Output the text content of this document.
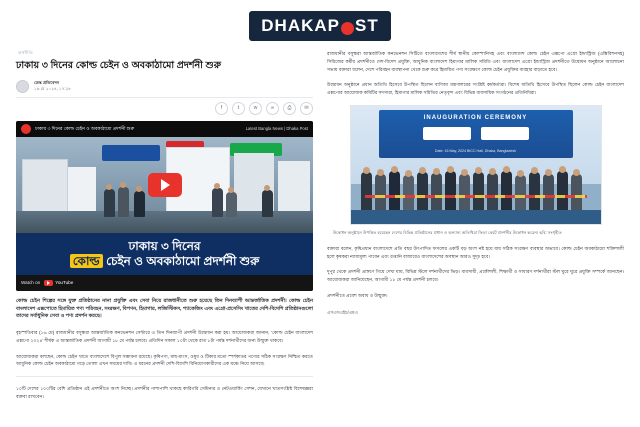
DHAKA P ST
অর্থনীতি
ঢাকায় ৩ দিনের কোল্ড চেইন ও অবকাঠামো প্রদর্শনী শুরু
ডেস্ক প্রতিবেদন
১৬ মে ২০২৪, ১৭:২৮
f	t	w	∞	⎙	✉
ঢাকায় ৩ দিনের কোল্ড চেইন ও অবকাঠামো প্রদর্শনী শুরু	Latest Bangla News | Dhaka Post
ঢাকায় ৩ দিনের
কোল্ড চেইন ও অবকাঠামো প্রদর্শনী শুরু
Watch on	YouTube
কোল্ড চেইন শিল্পের সঙ্গে যুক্ত প্রতিষ্ঠানের নানা প্রযুক্তি এবং সেবা নিয়ে রাজধানীতে শুরু হয়েছে তিন দিনব্যাপী আন্তর্জাতিক প্রদর্শনী। কোল্ড চেইন বাংলাদেশ এক্সপোতে হিমায়িত পণ্য পরিবহন, সংরক্ষণ, বিপণন, হিমাগার, লজিস্টিকস, প্যাকেজিং এবং এগ্রো-প্রসেসিং খাতের দেশি-বিদেশি প্রতিষ্ঠানগুলো তাদের সর্বাধুনিক সেবা ও পণ্য প্রদর্শন করছে।

বৃহস্পতিবার (১৬ মে) রাজধানীর বসুন্ধরা আন্তর্জাতিক কনভেনশন সেন্টারে এ তিন দিনব্যাপী প্রদর্শনী উদ্বোধন করা হয়। আয়োজকরা জানান, ‘কোল্ড চেইন বাংলাদেশ এক্সপো ২০২৪’ শীর্ষক এ আন্তর্জাতিক প্রদর্শনী আগামী ১৮ মে পর্যন্ত চলবে। প্রতিদিন সকাল ১০টা থেকে রাত ৮টা পর্যন্ত দর্শনার্থীদের জন্য উন্মুক্ত থাকবে।

আয়োজকরা বলছেন, কোল্ড চেইন খাতে বাংলাদেশে বিপুল সম্ভাবনা রয়েছে। কৃষিপণ্য, মাছ-মাংস, ওষুধ ও টিকার মতো স্পর্শকাতর পণ্যের সঠিক সংরক্ষণ নিশ্চিত করতে আধুনিক কোল্ড চেইন অবকাঠামো গড়ে তোলা এখন সময়ের দাবি। এ ধরনের প্রদর্শনী দেশি-বিদেশি বিনিয়োগকারীদের এক মঞ্চে নিয়ে আসবে।

১০টি দেশের ১০০টির বেশি প্রতিষ্ঠান এই প্রদর্শনীতে অংশ নিচ্ছে। প্রদর্শনীর পাশাপাশি থাকছে কারিগরি সেমিনার ও নেটওয়ার্কিং সেশন, যেখানে খাতসংশ্লিষ্ট বিশেষজ্ঞরা বক্তব্য রাখবেন।

রাজধানীর বসুন্ধরা আন্তর্জাতিক কনভেনশন সিটিতে বাংলাদেশের শীর্ষ স্থানীয় কোম্পানিসহ এবং বাংলাদেশ কোল্ড চেইন এক্সপো এগ্রো ইন্ডাস্ট্রিজ (এক্সিবিশনসহ) সিরিজের কর্মীর প্রদর্শনীতে দেশ-বিদেশ প্রযুক্তি, আধুনিক বাংলাদেশ হিমাগার মালিক সমিতি এবং বাংলাদেশ এগ্রো ইন্ডাস্ট্রিজ প্রদর্শনীতে উদ্বোধন অনুষ্ঠানে আলোচনা সভায় বক্তারা বলেন, দেশে পরিবহন ব্যবস্থাপনা থেকে শুরু করে হিমায়িত পণ্য সংরক্ষণে কোল্ড চেইন প্রযুক্তির ব্যবহার বাড়াতে হবে।

উদ্বোধন অনুষ্ঠানে প্রধান অতিথি হিসেবে উপস্থিত ছিলেন বাণিজ্য মন্ত্রণালয়ের সংশ্লিষ্ট কর্মকর্তারা। বিশেষ অতিথি হিসেবে উপস্থিত ছিলেন কোল্ড চেইন বাংলাদেশ এক্সপোর আয়োজক কমিটির সদস্যরা, হিমাগার মালিক সমিতির নেতৃবৃন্দ এবং বিভিন্ন ব্যবসায়িক সংগঠনের প্রতিনিধিরা।

INAUGURATION CEREMONY
Date: 16 May, 2024 BICC Hall, Dhaka, Bangladesh
উদ্বোধন অনুষ্ঠানে উপস্থিত হয়েছেন দেশের বিভিন্ন প্রতিষ্ঠানের প্রধান ও অন্যান্য অতিথিরা ফিতা কেটে প্রদর্শনীর উদ্বোধন করেন। ছবি: সংগৃহীত

বক্তারা বলেন, কৃষিপ্রধান বাংলাদেশে প্রতি বছর উৎপাদিত ফসলের একটি বড় অংশ নষ্ট হয়ে যায় সঠিক সংরক্ষণ ব্যবস্থার অভাবে। কোল্ড চেইন অবকাঠামো শক্তিশালী হলে কৃষকরা ন্যায্যমূল্য পাবেন এবং রপ্তানি বাজারেও বাংলাদেশের অবস্থান আরও সুদৃঢ় হবে।

দুপুর থেকে প্রদর্শনী প্রাঙ্গণে গিয়ে দেখা যায়, বিভিন্ন স্টলে দর্শনার্থীদের ভিড়। ব্যবসায়ী, প্রকৌশলী, শিক্ষার্থী ও সাধারণ দর্শনার্থীরা স্টল ঘুরে ঘুরে প্রযুক্তি সম্পর্কে জানছেন। আয়োজকরা জানিয়েছেন, আগামী ১৮ মে পর্যন্ত প্রদর্শনী চলবে।

প্রদর্শনীতে প্রবেশ অবাধ ও উন্মুক্ত।

এসএসএইচ/এমএ
